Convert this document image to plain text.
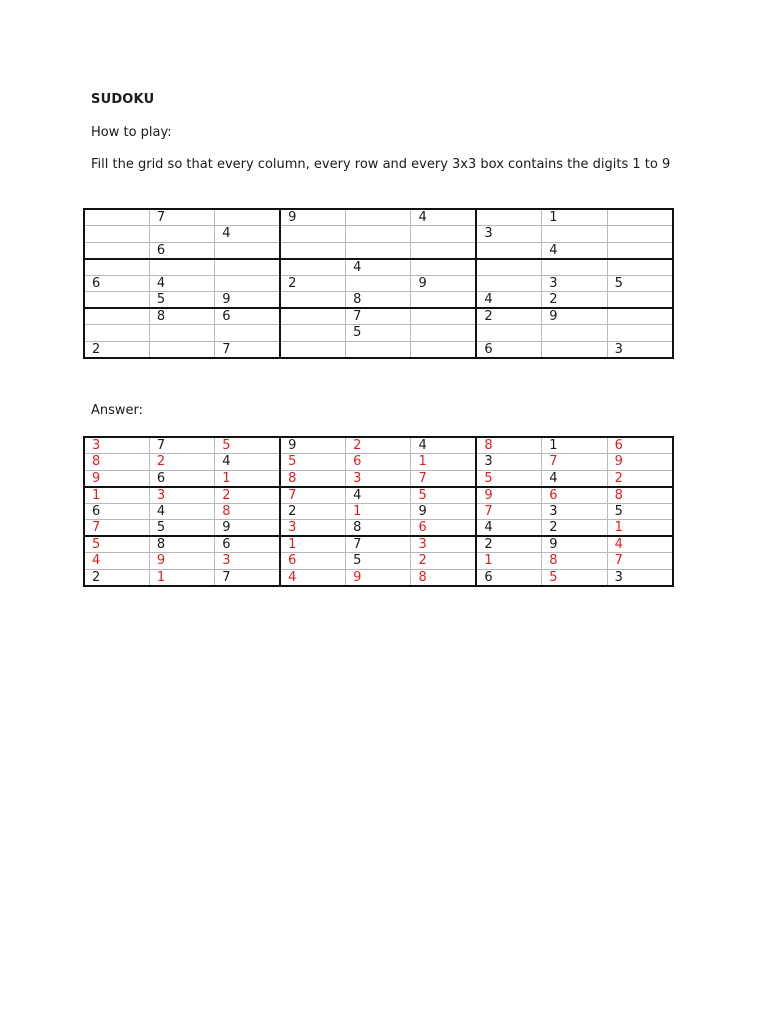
SUDOKU
How to play:
Fill the grid so that every column, every row and every 3x3 box contains the digits 1 to 9
	7		9		4		1	
		4				3		
	6						4	
				4				
6	4		2		9		3	5
	5	9		8		4	2	
	8	6		7		2	9	
				5				
2		7				6		3
Answer:
3	7	5	9	2	4	8	1	6
8	2	4	5	6	1	3	7	9
9	6	1	8	3	7	5	4	2
1	3	2	7	4	5	9	6	8
6	4	8	2	1	9	7	3	5
7	5	9	3	8	6	4	2	1
5	8	6	1	7	3	2	9	4
4	9	3	6	5	2	1	8	7
2	1	7	4	9	8	6	5	3
